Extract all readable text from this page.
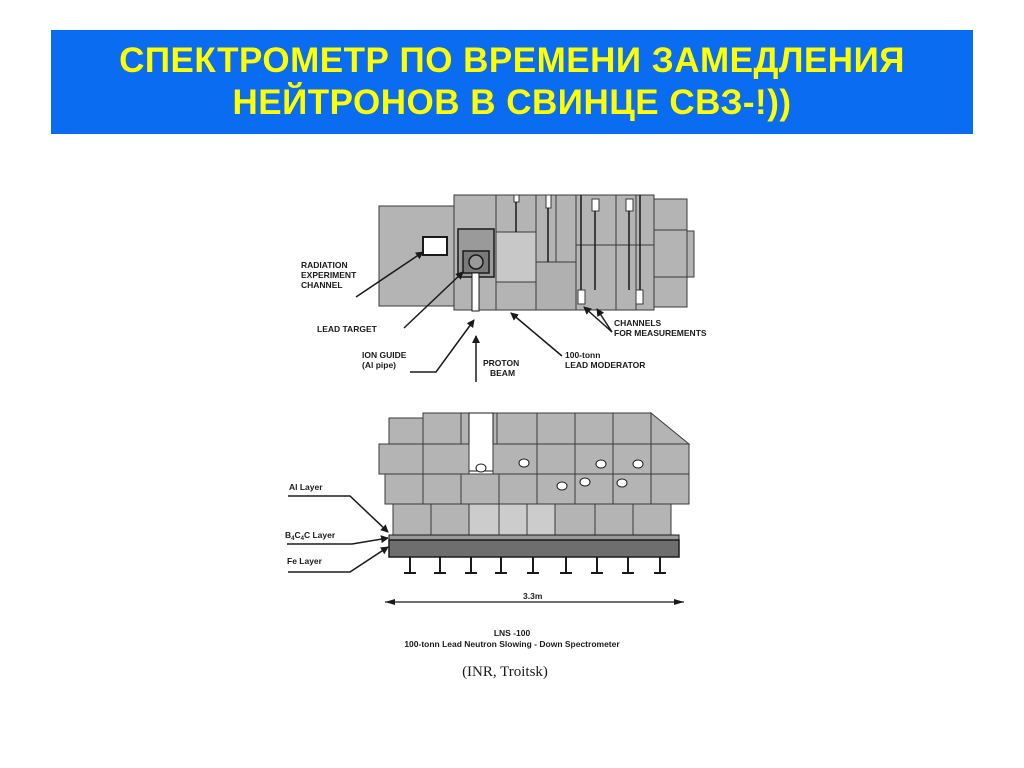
СПЕКТРОМЕТР ПО ВРЕМЕНИ ЗАМЕДЛЕНИЯ
НЕЙТРОНОВ В СВИНЦЕ СВЗ-!))
RADIATION
EXPERIMENT
CHANNEL
LEAD TARGET
ION GUIDE
(Al pipe)	PROTON
BEAM
100-tonn
LEAD MODERATOR
CHANNELS
FOR MEASUREMENTS
Al Layer
$B_4C_4C$ Layer
Fe Layer
3.3m
LNS -100
100-tonn Lead Neutron Slowing - Down Spectrometer
(INR, Troitsk)
